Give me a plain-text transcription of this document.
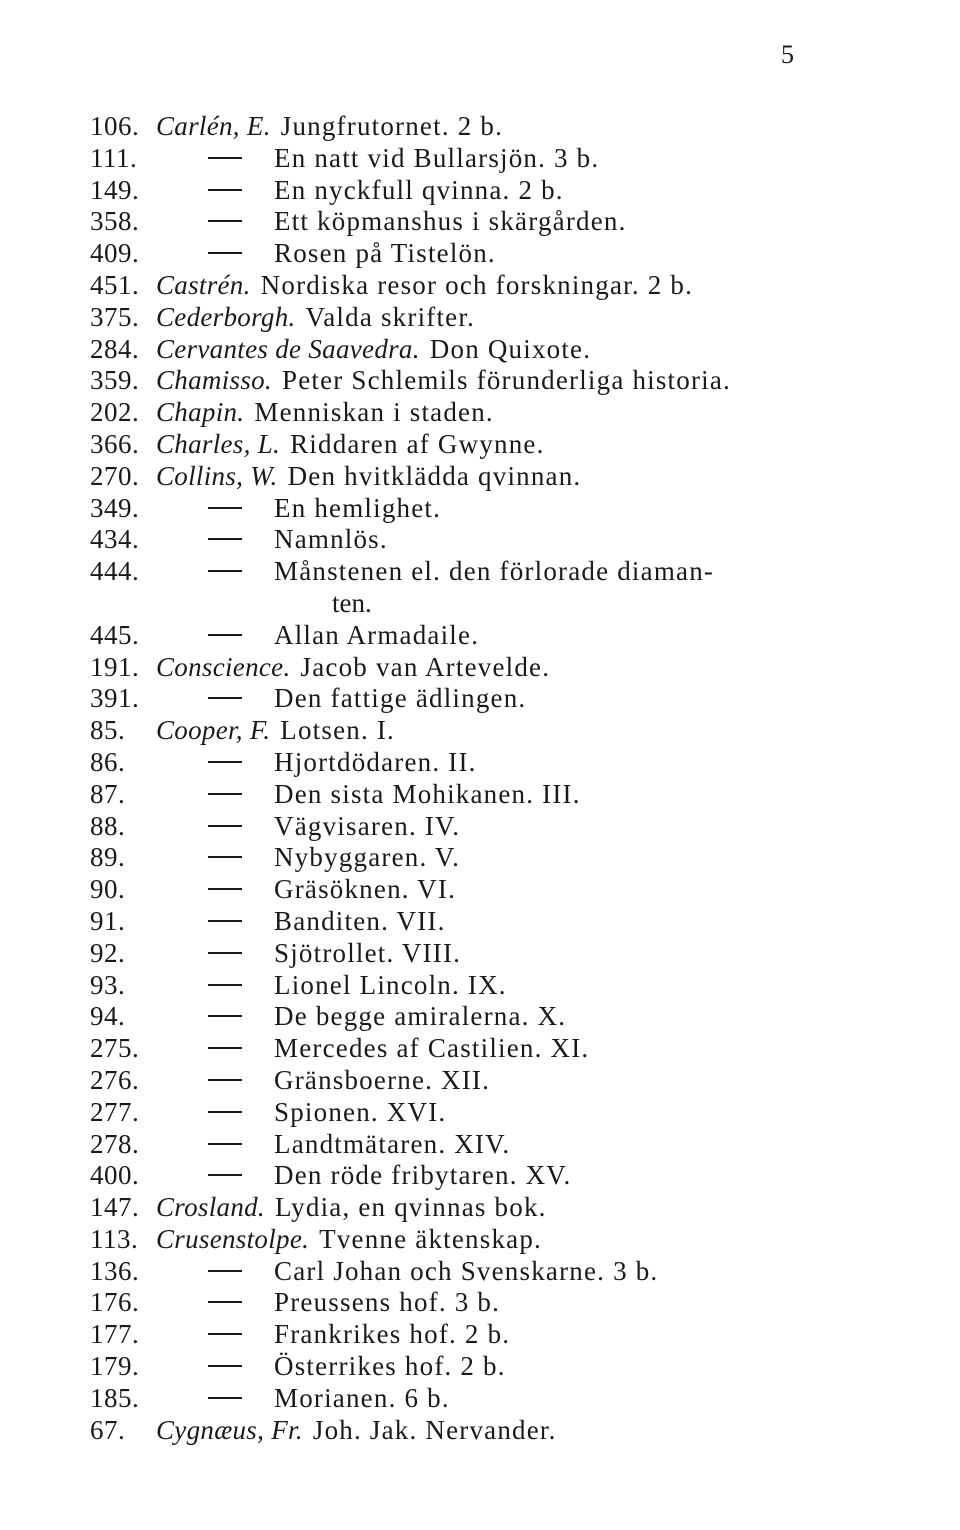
5
106. Carlén, E. Jungfrutornet. 2 b.
111.	En natt vid Bullarsjön. 3 b.
149.	En nyckfull qvinna. 2 b.
358.	Ett köpmanshus i skärgården.
409.	Rosen på Tistelön.
451. Castrén. Nordiska resor och forskningar. 2 b.
375. Cederborgh. Valda skrifter.
284. Cervantes de Saavedra. Don Quixote.
359. Chamisso. Peter Schlemils förunderliga historia.
202. Chapin. Menniskan i staden.
366. Charles, L. Riddaren af Gwynne.
270. Collins, W. Den hvitklädda qvinnan.
349.	En hemlighet.
434.	Namnlös.
444.	Månstenen el. den förlorade diaman-
ten.
445.	Allan Armadaile.
191. Conscience. Jacob van Artevelde.
391.	Den fattige ädlingen.
85.	Cooper, F. Lotsen. I.
86.	Hjortdödaren. II.
87.	Den sista Mohikanen. III.
88.	Vägvisaren. IV.
89.	Nybyggaren. V.
90.	Gräsöknen. VI.
91.	Banditen. VII.
92.	Sjötrollet. VIII.
93.	Lionel Lincoln. IX.
94.	De begge amiralerna. X.
275.	Mercedes af Castilien. XI.
276.	Gränsboerne. XII.
277.	Spionen. XVI.
278.	Landtmätaren. XIV.
400.	Den röde fribytaren. XV.
147. Crosland. Lydia, en qvinnas bok.
113. Crusenstolpe. Tvenne äktenskap.
136.	Carl Johan och Svenskarne. 3 b.
176.	Preussens hof. 3 b.
177.	Frankrikes hof. 2 b.
179.	Österrikes hof. 2 b.
185.	Morianen. 6 b.
67.	Cygnæus, Fr. Joh. Jak. Nervander.
